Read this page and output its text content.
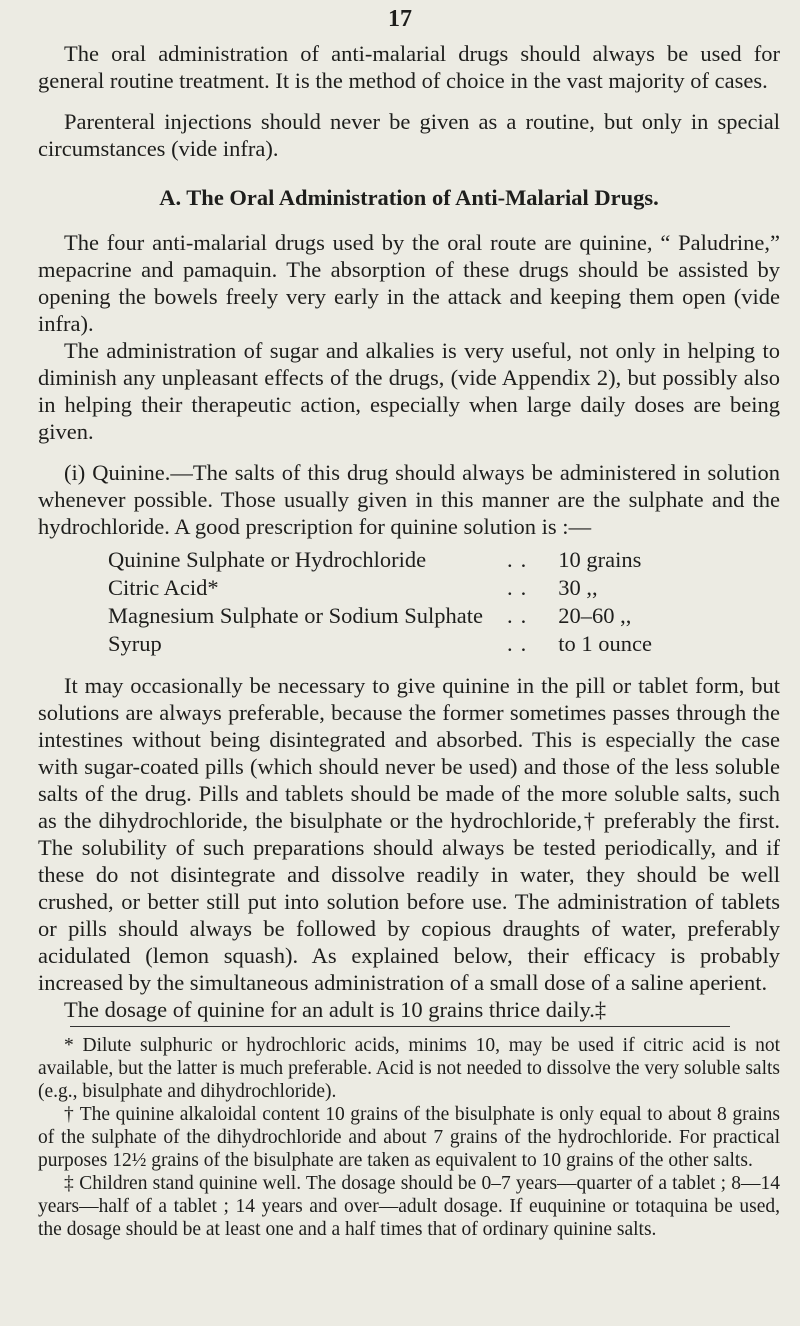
17

The oral administration of anti-malarial drugs should always be used for general routine treatment. It is the method of choice in the vast majority of cases.

Parenteral injections should never be given as a routine, but only in special circumstances (vide infra).

A. The Oral Administration of Anti-Malarial Drugs.

The four anti-malarial drugs used by the oral route are quinine, “ Paludrine,” mepacrine and pamaquin. The absorption of these drugs should be assisted by opening the bowels freely very early in the attack and keeping them open (vide infra).

The administration of sugar and alkalies is very useful, not only in helping to diminish any unpleasant effects of the drugs, (vide Appendix 2), but possibly also in helping their therapeutic action, especially when large daily doses are being given.

(i) Quinine.—The salts of this drug should always be administered in solution whenever possible. Those usually given in this manner are the sulphate and the hydrochloride. A good prescription for quinine solution is :—

Quinine Sulphate or Hydrochloride	..	10 grains
Citric Acid*	..	30 ,,
Magnesium Sulphate or Sodium Sulphate	..	20–60 ,,
Syrup	..	to 1 ounce

It may occasionally be necessary to give quinine in the pill or tablet form, but solutions are always preferable, because the former sometimes passes through the intestines without being disintegrated and absorbed. This is especially the case with sugar-coated pills (which should never be used) and those of the less soluble salts of the drug. Pills and tablets should be made of the more soluble salts, such as the dihydrochloride, the bisulphate or the hydrochloride,† preferably the first. The solubility of such preparations should always be tested periodically, and if these do not disintegrate and dissolve readily in water, they should be well crushed, or better still put into solution before use. The administration of tablets or pills should always be followed by copious draughts of water, preferably acidulated (lemon squash). As explained below, their efficacy is probably increased by the simultaneous administration of a small dose of a saline aperient.

The dosage of quinine for an adult is 10 grains thrice daily.‡

* Dilute sulphuric or hydrochloric acids, minims 10, may be used if citric acid is not available, but the latter is much preferable. Acid is not needed to dissolve the very soluble salts (e.g., bisulphate and dihydrochloride).

† The quinine alkaloidal content 10 grains of the bisulphate is only equal to about 8 grains of the sulphate of the dihydrochloride and about 7 grains of the hydrochloride. For practical purposes 12½ grains of the bisulphate are taken as equivalent to 10 grains of the other salts.

‡ Children stand quinine well. The dosage should be 0–7 years—quarter of a tablet ; 8—14 years—half of a tablet ; 14 years and over—adult dosage. If euquinine or totaquina be used, the dosage should be at least one and a half times that of ordinary quinine salts.
